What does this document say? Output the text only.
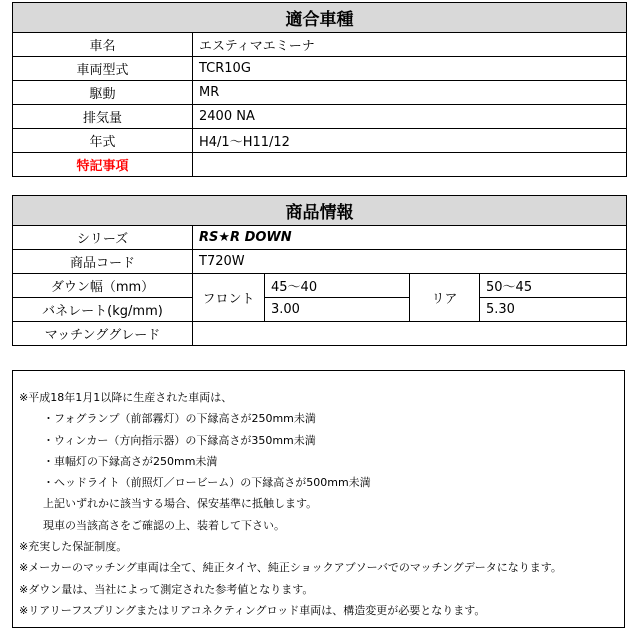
適合車種	
車名	エスティマエミーナ
車両型式	TCR10G
駆動	MR
排気量	2400 NA
年式	H4/1～H11/12
特記事項	
商品情報				
シリーズ	RS★R DOWN			
商品コード	T720W			
ダウン幅（mm）	フロント	45～40	リア	50～45
バネレート(kg/mm)		3.00		5.30
マッチンググレード				
※平成18年1月1以降に生産された車両は、
・フォグランプ（前部霧灯）の下縁高さが250mm未満
・ウィンカー（方向指示器）の下縁高さが350mm未満
・車幅灯の下縁高さが250mm未満
・ヘッドライト（前照灯／ロービーム）の下縁高さが500mm未満
上記いずれかに該当する場合、保安基準に抵触します。
現車の当該高さをご確認の上、装着して下さい。
※充実した保証制度。
※メーカーのマッチング車両は全て、純正タイヤ、純正ショックアブソーバでのマッチングデータになります。
※ダウン量は、当社によって測定された参考値となります。
※リアリーフスプリングまたはリアコネクティングロッド車両は、構造変更が必要となります。
